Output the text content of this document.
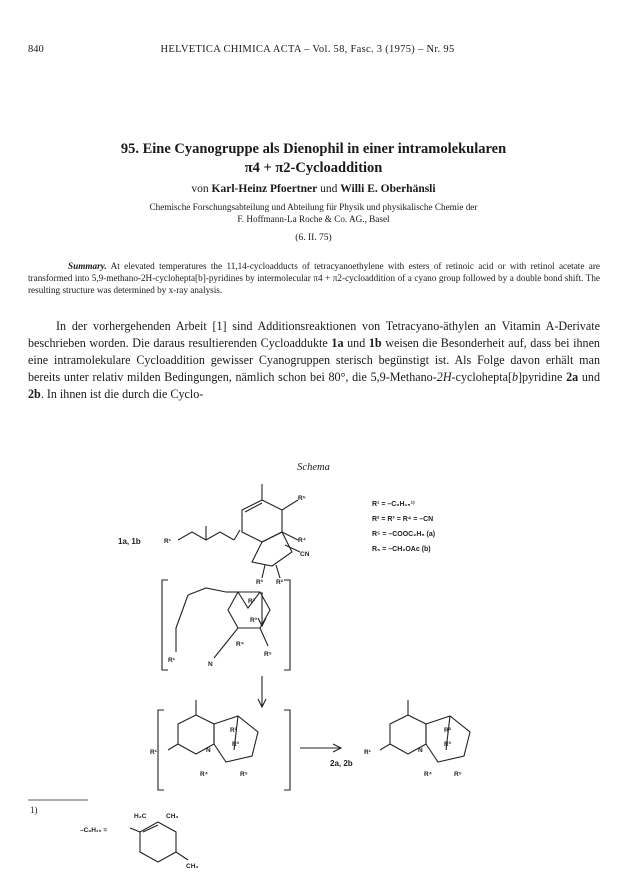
840	HELVETICA CHIMICA ACTA – Vol. 58, Fasc. 3 (1975) – Nr. 95
95. Eine Cyanogruppe als Dienophil in einer intramolekularen
π4 + π2-Cycloaddition
von Karl-Heinz Pfoertner und Willi E. Oberhänsli
Chemische Forschungsabteilung und Abteilung für Physik und physikalische Chemie der
F. Hoffmann-La Roche & Co. AG., Basel
(6. II. 75)
Summary. At elevated temperatures the 11,14-cycloadducts of tetracyanoethylene with esters of retinoic acid or with retinol acetate are transformed into 5,9-methano-2H-cyclohepta[b]-pyridines by intermolecular π4 + π2-cycloaddition of a cyano group followed by a double bond shift. The resulting structure was determined by x-ray analysis.
In der vorhergehenden Arbeit [1] sind Additionsreaktionen von Tetracyano-äthylen an Vitamin A-Derivate beschrieben worden. Die daraus resultierenden Cycloaddukte 1a und 1b weisen die Besonderheit auf, dass bei ihnen eine intramolekulare Cycloaddition gewisser Cyanogruppen sterisch begünstigt ist. Als Folge davon erhält man bereits unter relativ milden Bedingungen, nämlich schon bei 80°, die 5,9-Methano-2H-cyclohepta[b]pyridine 2a und 2b. In ihnen ist die durch die Cyclo-
Schema
R¹ = –C₉H₁₅¹⁾
R² = R³ = R⁴ = –CN
R⁵ = –COOC₂H₅ (a)
R₅ = –CH₂OAc (b)
R⁵
R⁴
CN
R³ R²
R¹
1a, 1b
R²
R³
N
R⁴
R⁵
R¹
R²
R³
N
R¹
R⁴	R⁵
R²
R³
N
R¹
R⁴	R⁵
2a, 2b
–C₉H₁₅ =
H₃C	CH₃
CH₃
1)
